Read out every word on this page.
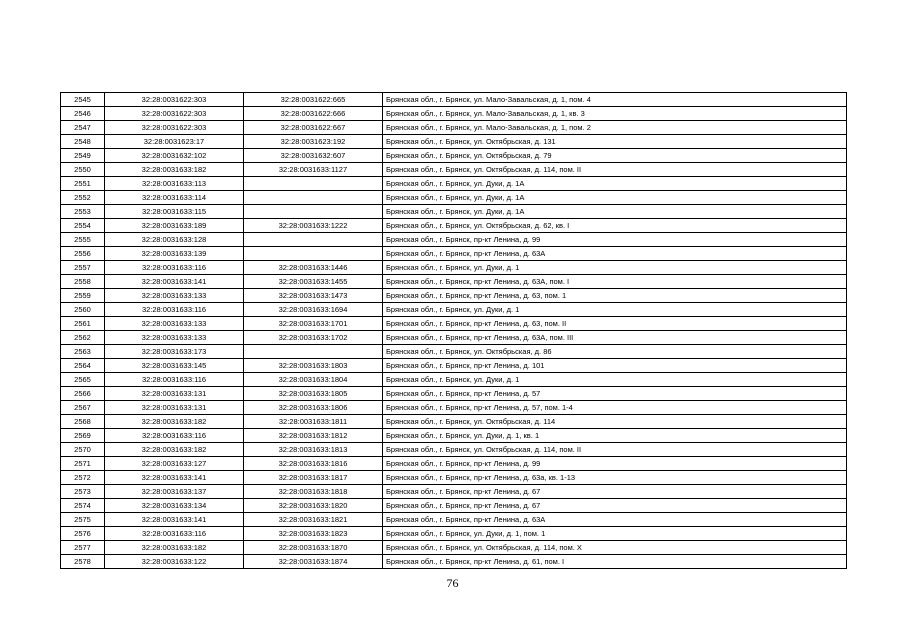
2545	32:28:0031622:303	32:28:0031622:665	Брянская обл., г. Брянск, ул. Мало-Завальская, д. 1, пом. 4
2546	32:28:0031622:303	32:28:0031622:666	Брянская обл., г. Брянск, ул. Мало-Завальская, д. 1, кв. 3
2547	32:28:0031622:303	32:28:0031622:667	Брянская обл., г. Брянск, ул. Мало-Завальская, д. 1, пом. 2
2548	32:28:0031623:17	32:28:0031623:192	Брянская обл., г. Брянск, ул. Октябрьская, д. 131
2549	32:28:0031632:102	32:28:0031632:607	Брянская обл., г. Брянск, ул. Октябрьская, д. 79
2550	32:28:0031633:182	32:28:0031633:1127	Брянская обл., г. Брянск, ул. Октябрьская, д. 114, пом. II
2551	32:28:0031633:113		Брянская обл., г. Брянск, ул. Дуки, д. 1А
2552	32:28:0031633:114		Брянская обл., г. Брянск, ул. Дуки, д. 1А
2553	32:28:0031633:115		Брянская обл., г. Брянск, ул. Дуки, д. 1А
2554	32:28:0031633:189	32:28:0031633:1222	Брянская обл., г. Брянск, ул. Октябрьская, д. 62, кв. I
2555	32:28:0031633:128		Брянская обл., г. Брянск, пр-кт Ленина, д. 99
2556	32:28:0031633:139		Брянская обл., г. Брянск, пр-кт Ленина, д. 63А
2557	32:28:0031633:116	32:28:0031633:1446	Брянская обл., г. Брянск, ул. Дуки, д. 1
2558	32:28:0031633:141	32:28:0031633:1455	Брянская обл., г. Брянск, пр-кт Ленина, д. 63А, пом. I
2559	32:28:0031633:133	32:28:0031633:1473	Брянская обл., г. Брянск, пр-кт Ленина, д. 63, пом. 1
2560	32:28:0031633:116	32:28:0031633:1694	Брянская обл., г. Брянск, ул. Дуки, д. 1
2561	32:28:0031633:133	32:28:0031633:1701	Брянская обл., г. Брянск, пр-кт Ленина, д. 63, пом. II
2562	32:28:0031633:133	32:28:0031633:1702	Брянская обл., г. Брянск, пр-кт Ленина, д. 63А, пом. III
2563	32:28:0031633:173		Брянская обл., г. Брянск, ул. Октябрьская, д. 86
2564	32:28:0031633:145	32:28:0031633:1803	Брянская обл., г. Брянск, пр-кт Ленина, д. 101
2565	32:28:0031633:116	32:28:0031633:1804	Брянская обл., г. Брянск, ул. Дуки, д. 1
2566	32:28:0031633:131	32:28:0031633:1805	Брянская обл., г. Брянск, пр-кт Ленина, д. 57
2567	32:28:0031633:131	32:28:0031633:1806	Брянская обл., г. Брянск, пр-кт Ленина, д. 57, пом. 1-4
2568	32:28:0031633:182	32:28:0031633:1811	Брянская обл., г. Брянск, ул. Октябрьская, д. 114
2569	32:28:0031633:116	32:28:0031633:1812	Брянская обл., г. Брянск, ул. Дуки, д. 1, кв. 1
2570	32:28:0031633:182	32:28:0031633:1813	Брянская обл., г. Брянск, ул. Октябрьская, д. 114, пом. II
2571	32:28:0031633:127	32:28:0031633:1816	Брянская обл., г. Брянск, пр-кт Ленина, д. 99
2572	32:28:0031633:141	32:28:0031633:1817	Брянская обл., г. Брянск, пр-кт Ленина, д. 63а, кв. 1-13
2573	32:28:0031633:137	32:28:0031633:1818	Брянская обл., г. Брянск, пр-кт Ленина, д. 67
2574	32:28:0031633:134	32:28:0031633:1820	Брянская обл., г. Брянск, пр-кт Ленина, д. 67
2575	32:28:0031633:141	32:28:0031633:1821	Брянская обл., г. Брянск, пр-кт Ленина, д. 63А
2576	32:28:0031633:116	32:28:0031633:1823	Брянская обл., г. Брянск, ул. Дуки, д. 1, пом. 1
2577	32:28:0031633:182	32:28:0031633:1870	Брянская обл., г. Брянск, ул. Октябрьская, д. 114, пом. X
2578	32:28:0031633:122	32:28:0031633:1874	Брянская обл., г. Брянск, пр-кт Ленина, д. 61, пом. I
76
